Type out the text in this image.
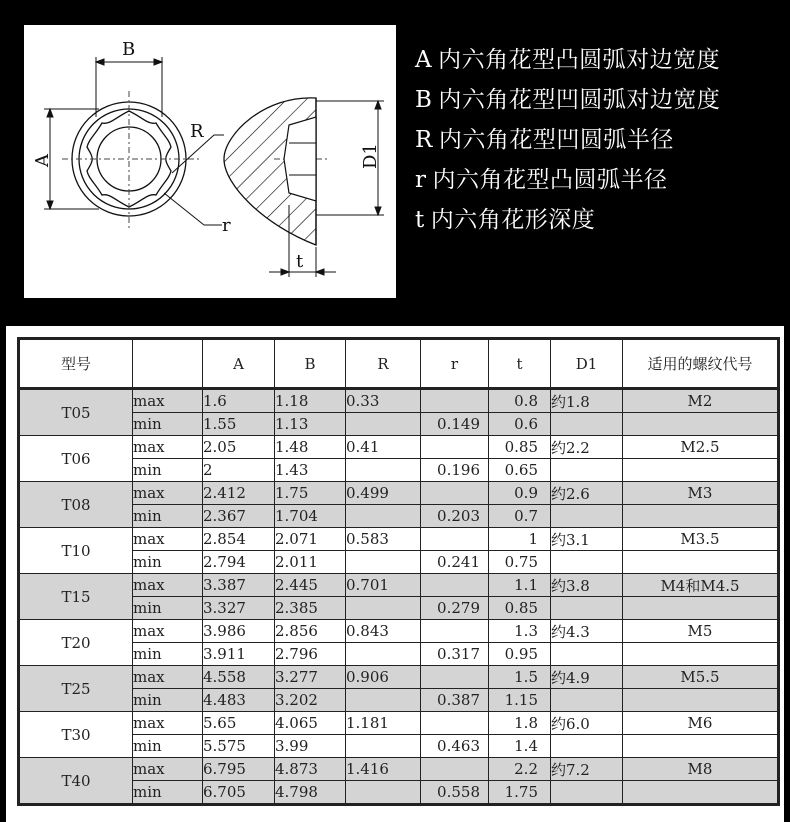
B
A
R
r
D1
t
A 内六角花型凸圆弧对边宽度
B 内六角花型凹圆弧对边宽度
R 内六角花型凹圆弧半径
r 内六角花型凸圆弧半径
t 内六角花形深度
型号		A	B	R	r	t	D1	适用的螺纹代号
T05	max	1.6	1.18	0.33		0.8	约1.8	M2
	min	1.55	1.13		0.149	0.6		
T06	max	2.05	1.48	0.41		0.85	约2.2	M2.5
	min	2	1.43		0.196	0.65		
T08	max	2.412	1.75	0.499		0.9	约2.6	M3
	min	2.367	1.704		0.203	0.7		
T10	max	2.854	2.071	0.583		1	约3.1	M3.5
	min	2.794	2.011		0.241	0.75		
T15	max	3.387	2.445	0.701		1.1	约3.8	M4和M4.5
	min	3.327	2.385		0.279	0.85		
T20	max	3.986	2.856	0.843		1.3	约4.3	M5
	min	3.911	2.796		0.317	0.95		
T25	max	4.558	3.277	0.906		1.5	约4.9	M5.5
	min	4.483	3.202		0.387	1.15		
T30	max	5.65	4.065	1.181		1.8	约6.0	M6
	min	5.575	3.99		0.463	1.4		
T40	max	6.795	4.873	1.416		2.2	约7.2	M8
	min	6.705	4.798		0.558	1.75		
